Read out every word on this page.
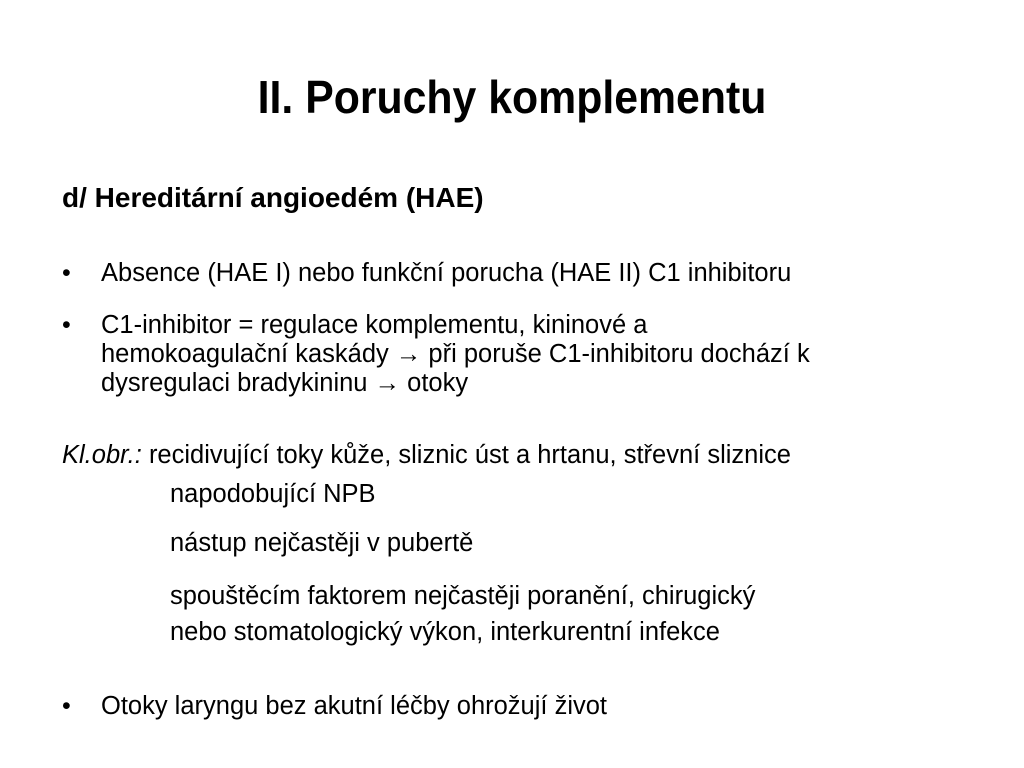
II. Poruchy komplementu
d/ Hereditární angioedém (HAE)
• Absence (HAE I) nebo funkční porucha (HAE II) C1 inhibitoru
• C1-inhibitor = regulace komplementu, kininové a
hemokoagulační kaskády → při poruše C1-inhibitoru dochází k
dysregulaci bradykininu → otoky
Kl.obr.: recidivující toky kůže, sliznic úst a hrtanu, střevní sliznice
napodobující NPB
nástup nejčastěji v pubertě
spouštěcím faktorem nejčastěji poranění, chirugický
nebo stomatologický výkon, interkurentní infekce
• Otoky laryngu bez akutní léčby ohrožují život
